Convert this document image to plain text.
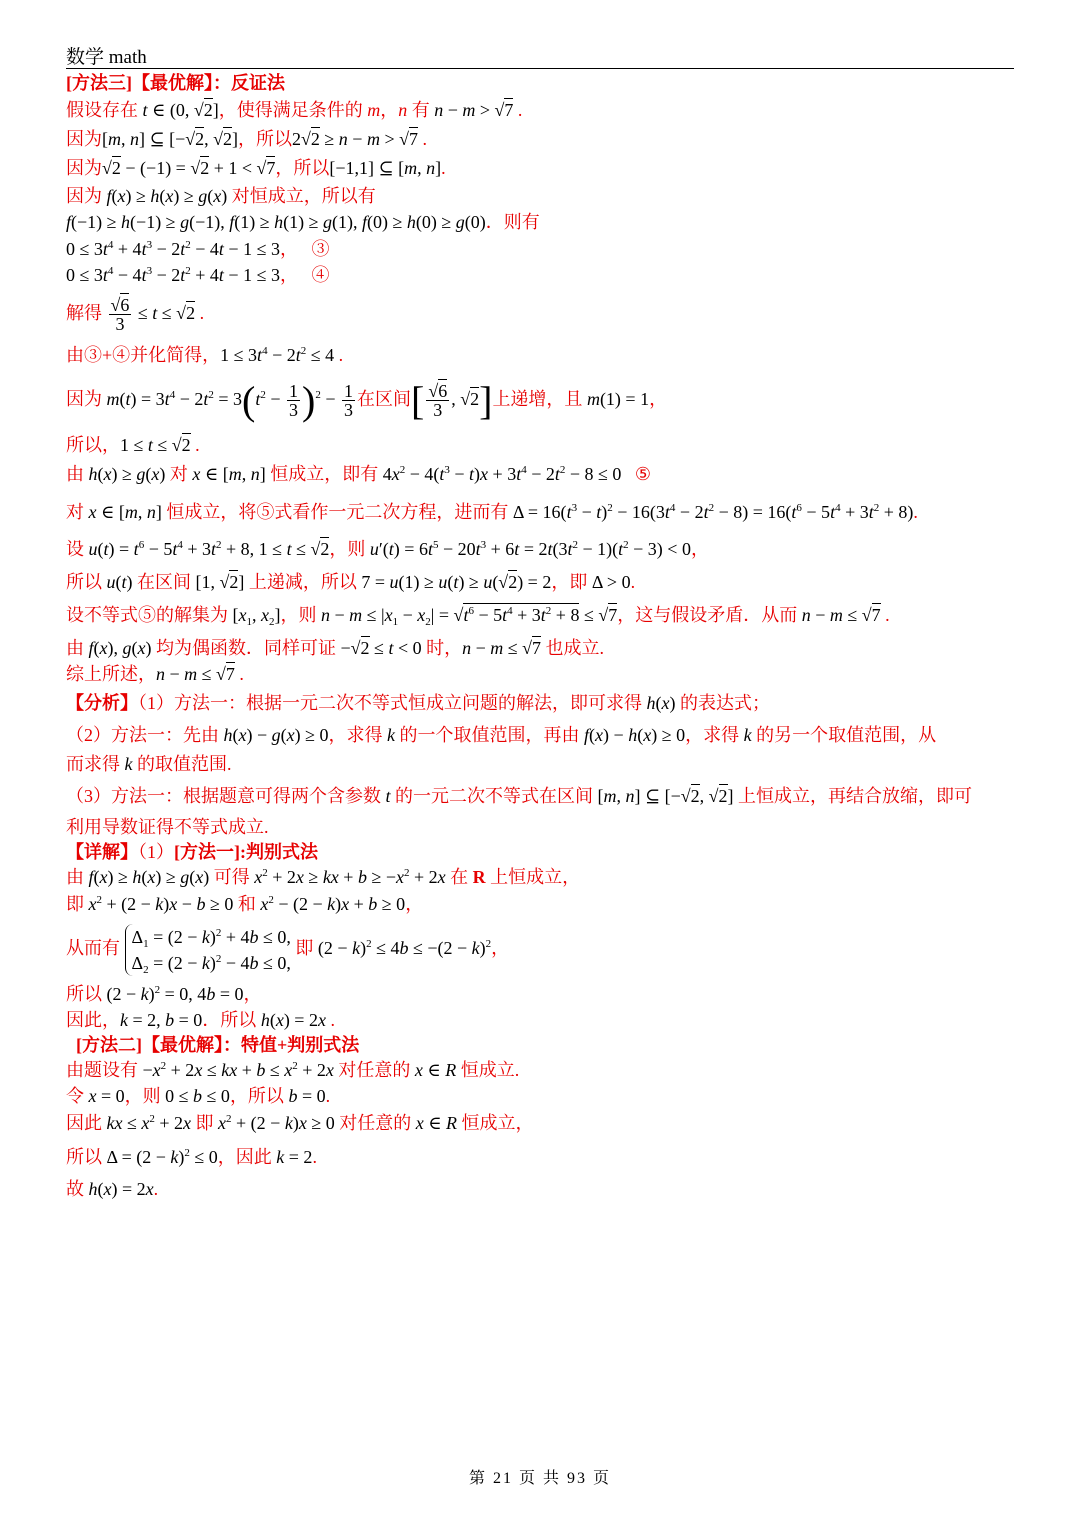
数学 math
[方法三]【最优解】：反证法
假设存在 t ∈ (0, √2]，使得满足条件的 m，n 有 n − m > √7 .
因为[m, n] ⊆ [−√2, √2]，所以2√2 ≥ n − m > √7 .
因为√2 − (−1) = √2 + 1 < √7，所以[−1,1] ⊆ [m, n].
因为 f(x) ≥ h(x) ≥ g(x) 对恒成立，所以有
f(−1) ≥ h(−1) ≥ g(−1), f(1) ≥ h(1) ≥ g(1), f(0) ≥ h(0) ≥ g(0)．则有
$0 \le 3t^4 + 4t^3 - 2t^2 - 4t - 1 \le 3$，   ③
$0 \le 3t^4 - 4t^3 - 2t^2 + 4t - 1 \le 3$，   ④
解得 $\frac{√6}{3} \le t \le √2$ .
由③+④并化简得，$1 \le 3t^4 - 2t^2 \le 4$ .
因为 $m(t) = 3t^4 - 2t^2 = 3(t^2 - \frac{1}{3} )^2 - \frac{1}{3}$ 在区间[ $\frac{√6}{3}$ , √2]上递增，且 m(1) = 1，
所以，1 ≤ t ≤ √2 .
由 h(x) ≥ g(x) 对 x ∈ [m, n] 恒成立，即有 $4x^2 - 4(t^3 - t)x + 3t^4 - 2t^2 - 8 \le 0$   ⑤
对 x ∈ [m, n] 恒成立，将⑤式看作一元二次方程，进而有 $\Delta = 16(t^3 - t)^2 - 16(3t^4 - 2t^2 - 8) = 16(t^6 - 5t^4 + 3t^2 + 8)$.
设 $u(t) = t^6 - 5t^4 + 3t^2 + 8$, 1 ≤ t ≤ √2，则 $u'(t) = 6t^5 - 20t^3 + 6t = 2t(3t^2 - 1)(t^2 - 3) < 0$，
所以 u(t) 在区间 [1, √2] 上递减，所以 7 = u(1) ≥ u(t) ≥ u(√2) = 2，即 Δ > 0.
设不等式⑤的解集为 [$x_1$, $x_2$]，则 $n - m \le |x_1 - x_2| = √t^6 - 5t^4 + 3t^2 + 8 \le √7$，这与假设矛盾．从而 n − m ≤ √7 .
由 f(x), g(x) 均为偶函数．同样可证 −√2 ≤ t < 0 时，n − m ≤ √7 也成立.
综上所述，n − m ≤ √7 .
【分析】（1）方法一：根据一元二次不等式恒成立问题的解法，即可求得 h(x) 的表达式；
（2）方法一：先由 h(x) − g(x) ≥ 0，求得 k 的一个取值范围，再由 f(x) − h(x) ≥ 0，求得 k 的另一个取值范围，从
而求得 k 的取值范围.
（3）方法一：根据题意可得两个含参数 t 的一元二次不等式在区间 [m, n] ⊆ [−√2, √2] 上恒成立，再结合放缩，即可
利用导数证得不等式成立.
【详解】（1）[方法一]:判别式法
由 f(x) ≥ h(x) ≥ g(x) 可得 $x^2 + 2x$ ≥ kx + $b \ge -x^2 + 2x$ 在 R 上恒成立，
即 $x^2 + (2 - k)x - b \ge 0$ 和 $x^2 - (2 - k)x + b \ge 0$，
从而有
$\Delta_1 = (2 - k)^2 + 4b \le 0$,
$\Delta_2 = (2 - k)^2 - 4b \le 0$,
即 $(2 - k)^2 \le 4b \le -(2 - k)^2$，
所以 $(2 - k)^2 = 0$, 4b = 0，
因此，k = 2, b = 0．所以 h(x) = 2x .
[方法二]【最优解】：特值+判别式法
由题设有 $-x^2 + 2x$ ≤ kx + $b \le x^2 + 2x$ 对任意的 x ∈ R 恒成立.
令 x = 0，则 0 ≤ b ≤ 0，所以 b = 0.
因此 kx ≤ $x^2 + 2x$ 即 $x^2 + (2 - k)x \ge 0$ 对任意的 x ∈ R 恒成立，
所以 $\Delta = (2 - k)^2 \le 0$，因此 k = 2.
故 h(x) = 2x.
第 21 页 共 93 页
